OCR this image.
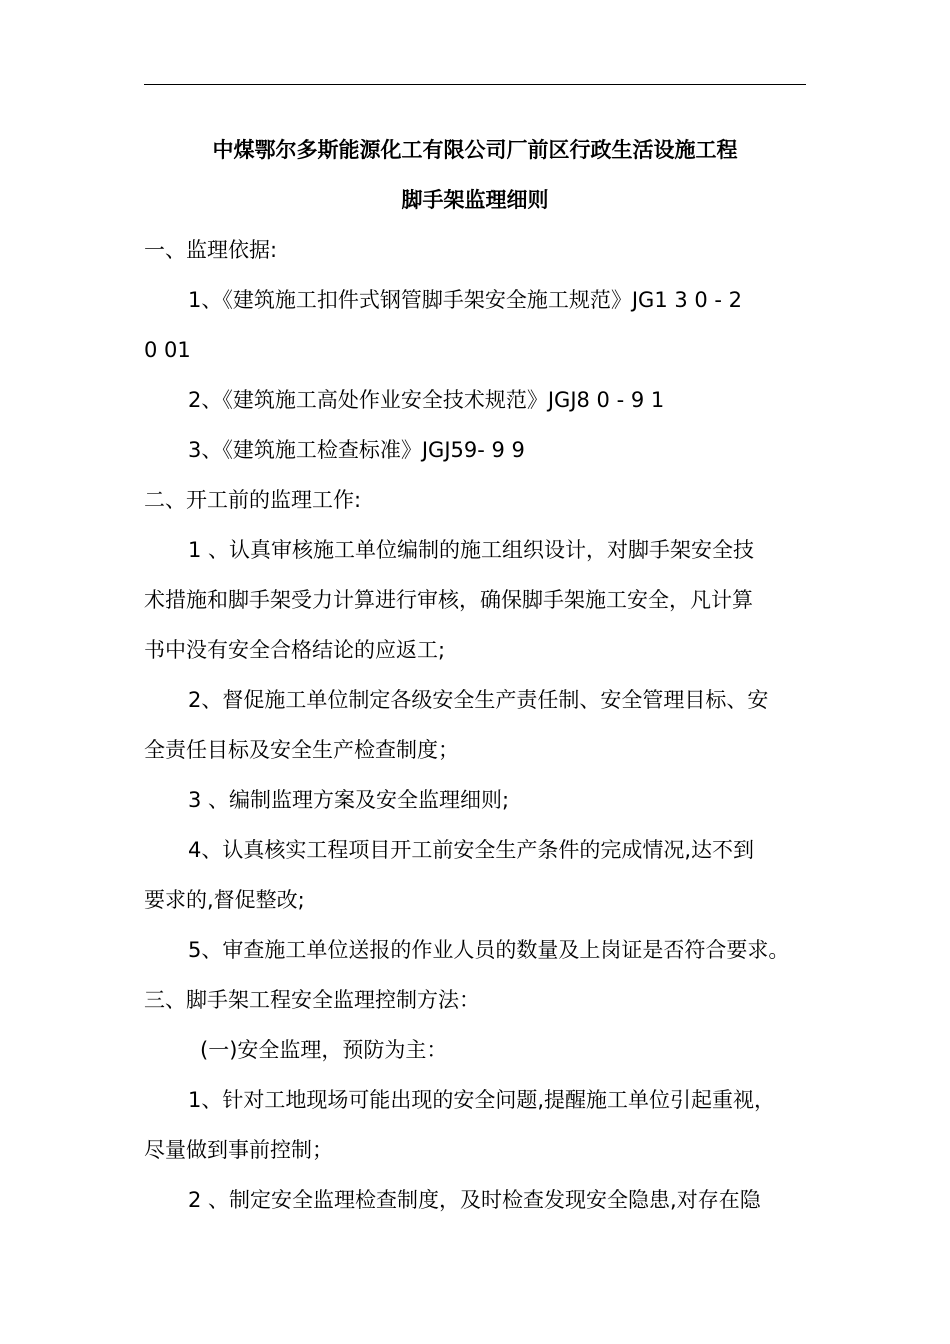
中煤鄂尔多斯能源化工有限公司厂前区行政生活设施工程
脚手架监理细则
一、监理依据:
1、《建筑施工扣件式钢管脚手架安全施工规范》JG1 3 0 - 2
0 01
2、《建筑施工高处作业安全技术规范》JGJ8 0 - 9 1
3、《建筑施工检查标准》JGJ59- 9 9
二、开工前的监理工作:
1 、认真审核施工单位编制的施工组织设计，对脚手架安全技
术措施和脚手架受力计算进行审核，确保脚手架施工安全，凡计算
书中没有安全合格结论的应返工;
2、督促施工单位制定各级安全生产责任制、安全管理目标、安
全责任目标及安全生产检查制度；
3 、编制监理方案及安全监理细则;
4、认真核实工程项目开工前安全生产条件的完成情况,达不到
要求的,督促整改;
5、审查施工单位送报的作业人员的数量及上岗证是否符合要求。
三、脚手架工程安全监理控制方法：
(一)安全监理，预防为主：
1、针对工地现场可能出现的安全问题,提醒施工单位引起重视，
尽量做到事前控制；
2 、制定安全监理检查制度，及时检查发现安全隐患,对存在隐
